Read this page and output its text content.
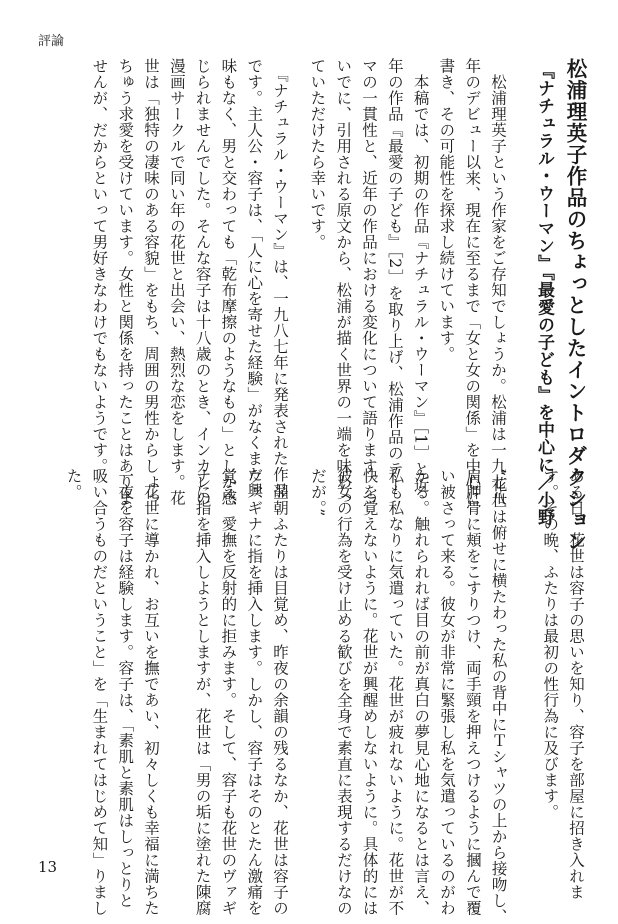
評論
松浦理英子作品のちょっとしたイントロダクション
『ナチュラル・ウーマン』『最愛の子ども』を中心に／小野
　松浦理英子という作家をご存知でしょうか。松浦は一九七八
年のデビュー以来、現在に至るまで「女と女の関係」を中心に
書き、その可能性を探求し続けています。
　本稿では、初期の作品『ナチュラル・ウーマン』［1］と近
年の作品『最愛の子ども』［2］を取り上げ、松浦作品のテー
マの一貫性と、近年の作品における変化について語ります。つ
いでに、引用される原文から、松浦が描く世界の一端を味わっ
ていただけたら幸いです。
　『ナチュラル・ウーマン』は、一九八七年に発表された作品
です。主人公・容子は、「人に心を寄せた経験」がなくまた興
味もなく、男と交わっても「乾布摩擦のようなもの」としか感
じられませんでした。そんな容子は十八歳のとき、インカレの
漫画サークルで同い年の花世と出会い、熱烈な恋をします。花
世は「独特の凄味のある容貌」をもち、周囲の男性からしょっ
ちゅう求愛を受けています。女性と関係を持ったことはありま
せんが、だからといって男好きなわけでもないようです。
ある日、花世は容子の思いを知り、容子を部屋に招き入れま
す。その晩、ふたりは最初の性行為に及びます。

“花世は俯せに横たわった私の背中にＴシャツの上から接吻し、
肩胛骨に頬をこすりつけ、両手頸を押えつけるように摑んで覆
い被さって来る。彼女が非常に緊張し私を気遣っているのがわ
かる。触れられれば目の前が真白の夢見心地になるとは言え、
私も私なりに気遣っていた。花世が疲れないように。花世が不
快を覚えないように。花世が興醒めしないように。具体的には
彼女の行為を受け止める歓びを全身で素直に表現するだけなの
だが。”
　翌朝ふたりは目覚め、昨夜の余韻の残るなか、花世は容子の
ヴァギナに指を挿入します。しかし、容子はそのとたん激痛を
覚え、愛撫を反射的に拒みます。そして、容子も花世のヴァギ
ナに指を挿入しようとしますが、花世は「男の垢に塗れた陳腐

　花世に導かれ、お互いを撫であい、初々しくも幸福に満ちた
一夜を容子は経験します。容子は、「素肌と素肌はしっとりと
吸い合うものだということ」を「生まれてはじめて知」りまし
た。
13
